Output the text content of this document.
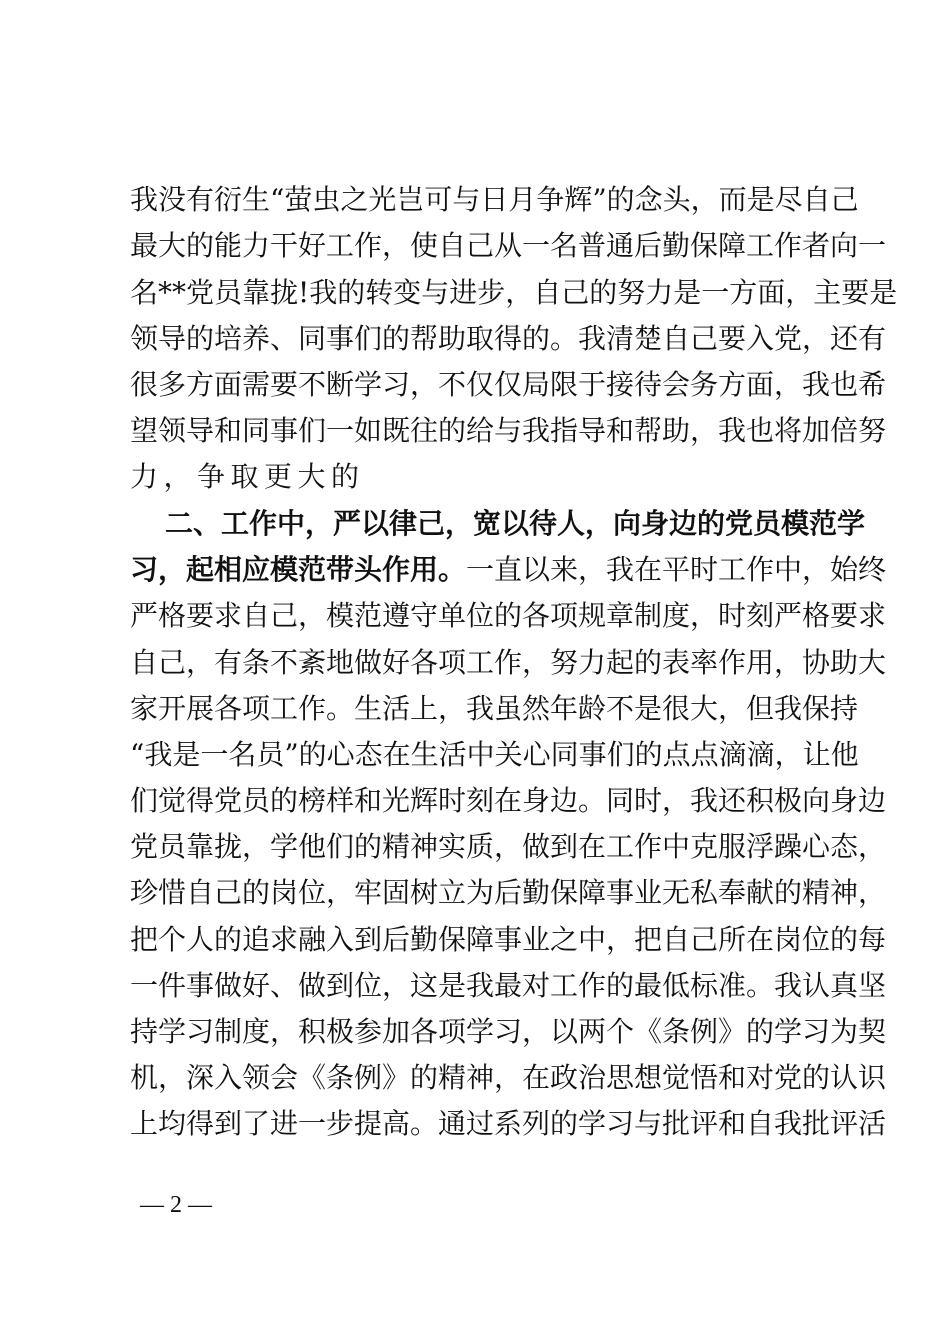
我没有衍生“萤虫之光岂可与日月争辉”的念头，而是尽自己
最大的能力干好工作，使自己从一名普通后勤保障工作者向一
名**党员靠拢!我的转变与进步，自己的努力是一方面，主要是
领导的培养、同事们的帮助取得的。我清楚自己要入党，还有
很多方面需要不断学习，不仅仅局限于接待会务方面，我也希
望领导和同事们一如既往的给与我指导和帮助，我也将加倍努
力，争取更大的
二、工作中，严以律己，宽以待人，向身边的党员模范学
习，起相应模范带头作用。一直以来，我在平时工作中，始终
严格要求自己，模范遵守单位的各项规章制度，时刻严格要求
自己，有条不紊地做好各项工作，努力起的表率作用，协助大
家开展各项工作。生活上，我虽然年龄不是很大，但我保持
“我是一名员”的心态在生活中关心同事们的点点滴滴，让他
们觉得党员的榜样和光辉时刻在身边。同时，我还积极向身边
党员靠拢，学他们的精神实质，做到在工作中克服浮躁心态，
珍惜自己的岗位，牢固树立为后勤保障事业无私奉献的精神，
把个人的追求融入到后勤保障事业之中，把自己所在岗位的每
一件事做好、做到位，这是我最对工作的最低标准。我认真坚
持学习制度，积极参加各项学习，以两个《条例》的学习为契
机，深入领会《条例》的精神，在政治思想觉悟和对党的认识
上均得到了进一步提高。通过系列的学习与批评和自我批评活
— 2 —
